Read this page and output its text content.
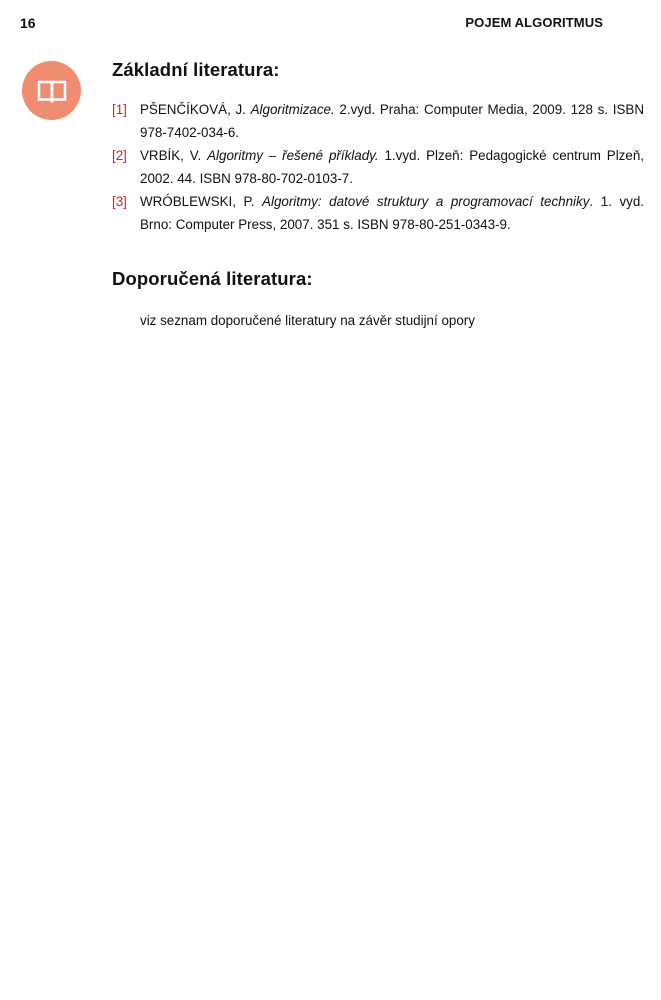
16	POJEM ALGORITMUS
Základní literatura:
[1] PŠENČÍKOVÁ, J. Algoritmizace. 2.vyd. Praha: Computer Media, 2009. 128 s. ISBN 978-7402-034-6.
[2] VRBÍK, V. Algoritmy – řešené příklady. 1.vyd. Plzeň: Pedagogické centrum Plzeň, 2002. 44. ISBN 978-80-702-0103-7.
[3] WRÓBLEWSKI, P. Algoritmy: datové struktury a programovací techniky. 1. vyd. Brno: Computer Press, 2007. 351 s. ISBN 978-80-251-0343-9.
Doporučená literatura:
viz seznam doporučené literatury na závěr studijní opory
